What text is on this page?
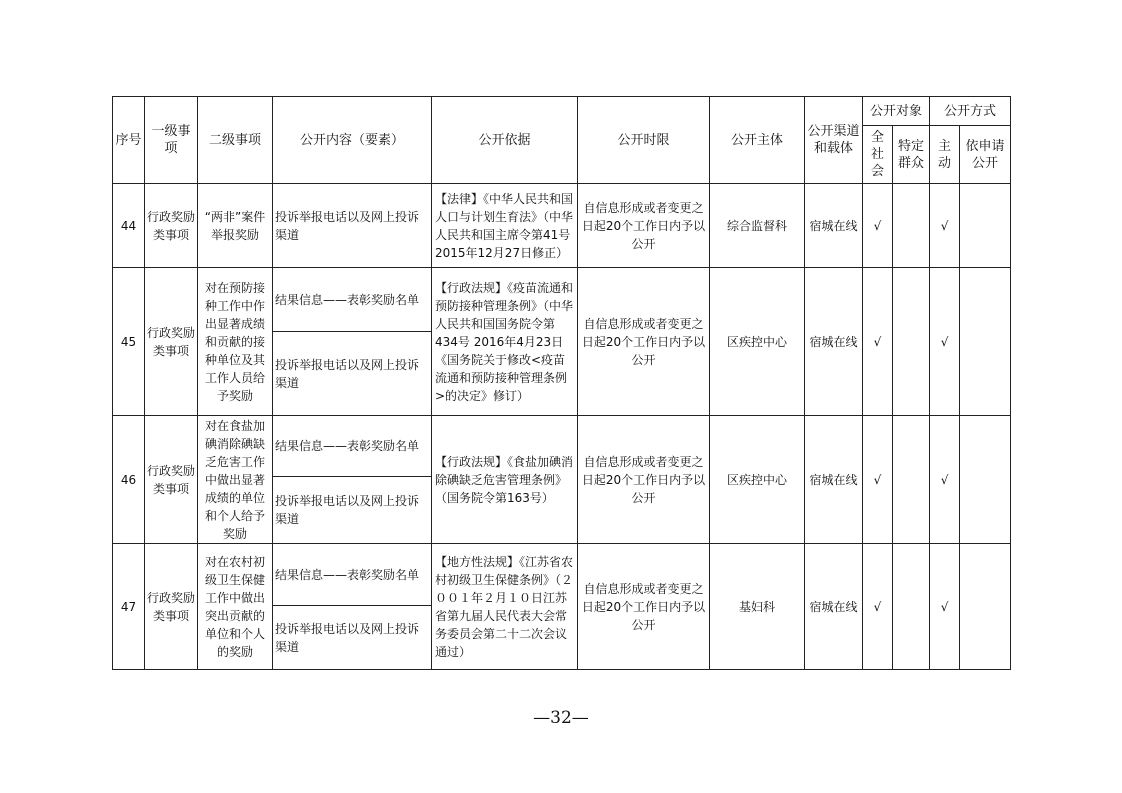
序号	一级事项	二级事项	公开内容（要素）	公开依据	公开时限	公开主体	公开渠道和载体	公开对象		公开方式	
								全社会	特定群众	主动	依申请公开
44	行政奖励类事项	“两非”案件举报奖励	投诉举报电话以及网上投诉渠道	【法律】《中华人民共和国人口与计划生育法》（中华人民共和国主席令第41号2015年12月27日修正）	自信息形成或者变更之日起20个工作日内予以公开	综合监督科	宿城在线	√		√	
45	行政奖励类事项	对在预防接种工作中作出显著成绩和贡献的接种单位及其工作人员给予奖励	结果信息——表彰奖励名单	【行政法规】《疫苗流通和预防接种管理条例》（中华人民共和国国务院令第434号 2016年4月23日《国务院关于修改<疫苗流通和预防接种管理条例>的决定》修订）	自信息形成或者变更之日起20个工作日内予以公开	区疾控中心	宿城在线	√		√	
			投诉举报电话以及网上投诉渠道								
46	行政奖励类事项	对在食盐加碘消除碘缺乏危害工作中做出显著成绩的单位和个人给予奖励	结果信息——表彰奖励名单	【行政法规】《食盐加碘消除碘缺乏危害管理条例》（国务院令第163号）	自信息形成或者变更之日起20个工作日内予以公开	区疾控中心	宿城在线	√		√	
			投诉举报电话以及网上投诉渠道								
47	行政奖励类事项	对在农村初级卫生保健工作中做出突出贡献的单位和个人的奖励	结果信息——表彰奖励名单	【地方性法规】《江苏省农村初级卫生保健条例》（２００１年２月１０日江苏省第九届人民代表大会常务委员会第二十二次会议通过）	自信息形成或者变更之日起20个工作日内予以公开	基妇科	宿城在线	√		√	
			投诉举报电话以及网上投诉渠道								
—32—
